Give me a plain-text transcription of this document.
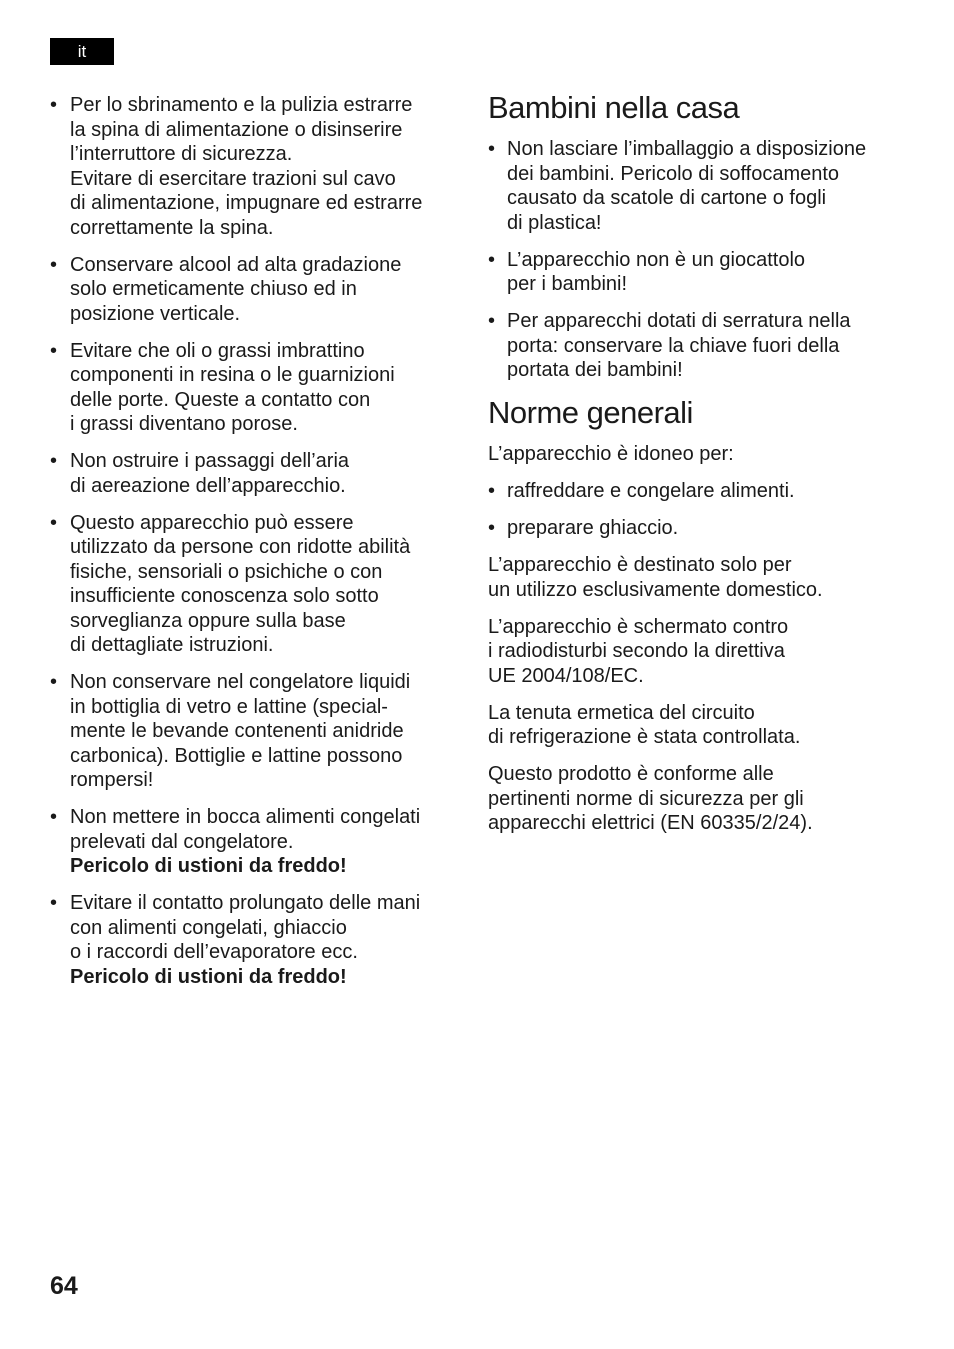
it
• Per lo sbrinamento e la pulizia estrarre
la spina di alimentazione o disinserire
l’interruttore di sicurezza.
Evitare di esercitare trazioni sul cavo
di alimentazione, impugnare ed estrarre
correttamente la spina.
• Conservare alcool ad alta gradazione
solo ermeticamente chiuso ed in
posizione verticale.
• Evitare che oli o grassi imbrattino
componenti in resina o le guarnizioni
delle porte. Queste a contatto con
i grassi diventano porose.
• Non ostruire i passaggi dell’aria
di aereazione dell’apparecchio.
• Questo apparecchio può essere
utilizzato da persone con ridotte abilità
fisiche, sensoriali o psichiche o con
insufficiente conoscenza solo sotto
sorveglianza oppure sulla base
di dettagliate istruzioni.
• Non conservare nel congelatore liquidi
in bottiglia di vetro e lattine (special-
mente le bevande contenenti anidride
carbonica). Bottiglie e lattine possono
rompersi!
• Non mettere in bocca alimenti congelati
prelevati dal congelatore.
Pericolo di ustioni da freddo!
• Evitare il contatto prolungato delle mani
con alimenti congelati, ghiaccio
o i raccordi dell’evaporatore ecc.
Pericolo di ustioni da freddo!
Bambini nella casa
• Non lasciare l’imballaggio a disposizione
dei bambini. Pericolo di soffocamento
causato da scatole di cartone o fogli
di plastica!
• L’apparecchio non è un giocattolo
per i bambini!
• Per apparecchi dotati di serratura nella
porta: conservare la chiave fuori della
portata dei bambini!
Norme generali

L’apparecchio è idoneo per:

• raffreddare e congelare alimenti.
• preparare ghiaccio.

L’apparecchio è destinato solo per
un utilizzo esclusivamente domestico.

L’apparecchio è schermato contro
i radiodisturbi secondo la direttiva
UE 2004/108/EC.

La tenuta ermetica del circuito
di refrigerazione è stata controllata.

Questo prodotto è conforme alle
pertinenti norme di sicurezza per gli
apparecchi elettrici (EN 60335/2/24).

64
